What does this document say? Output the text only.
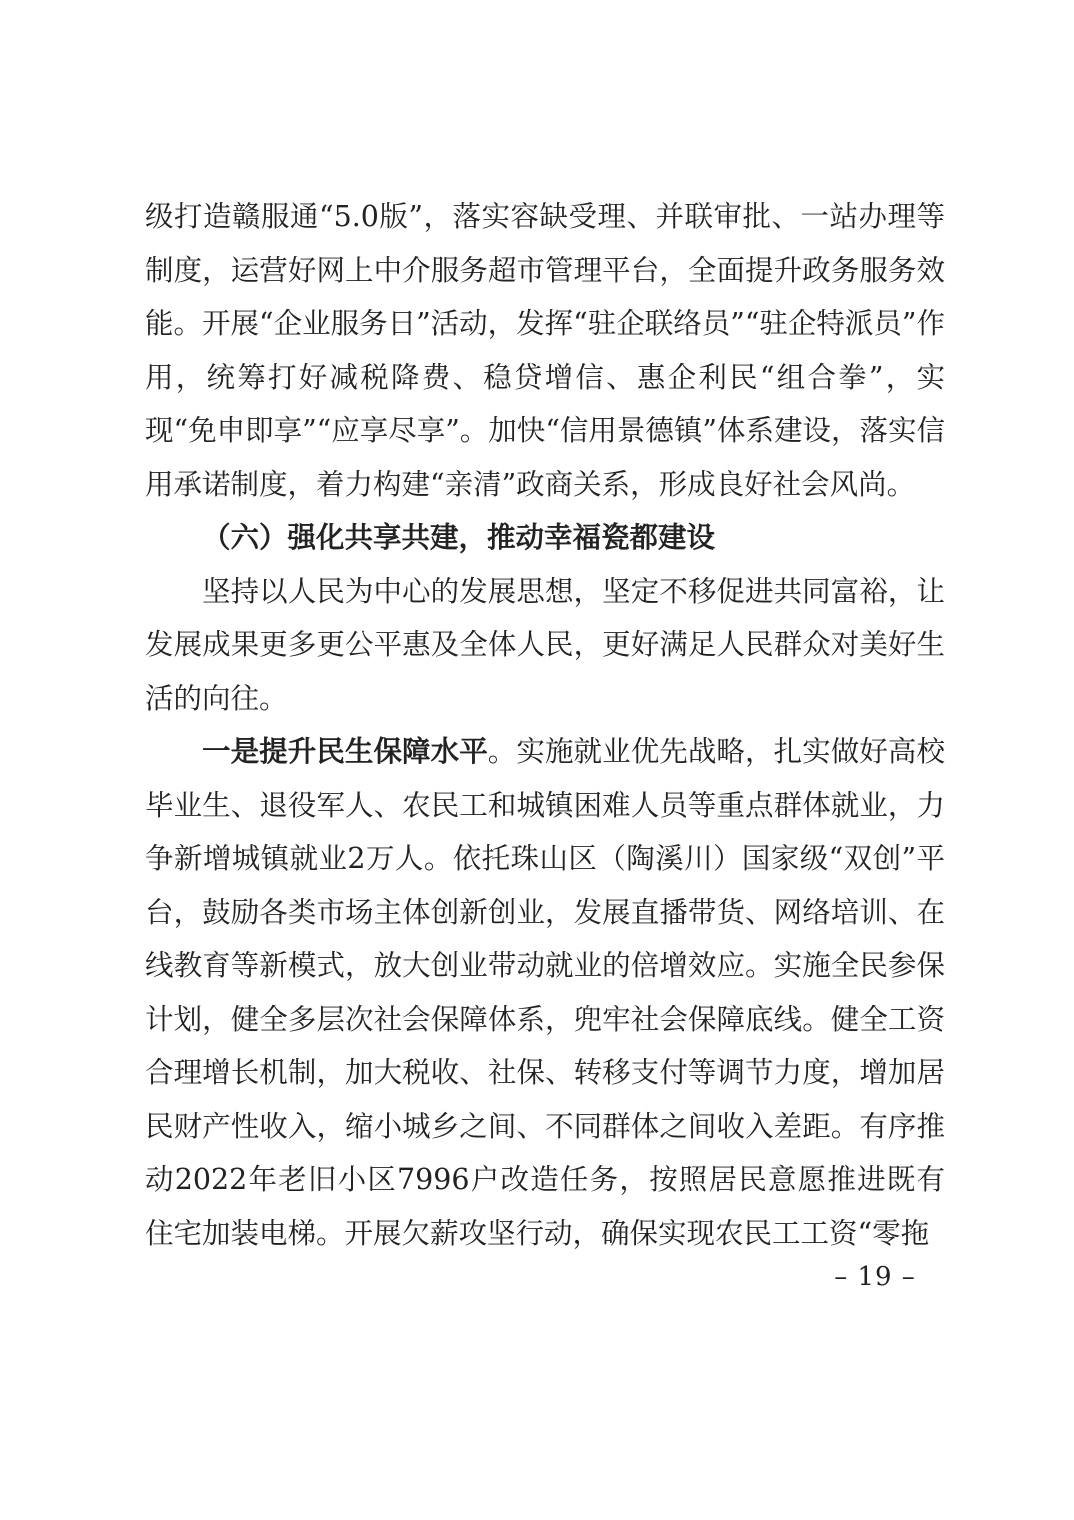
级打造赣服通“5.0版”，落实容缺受理、并联审批、一站办理等制度，运营好网上中介服务超市管理平台，全面提升政务服务效能。开展“企业服务日”活动，发挥“驻企联络员”“驻企特派员”作用，统筹打好减税降费、稳贷增信、惠企利民“组合拳”，实现“免申即享”“应享尽享”。加快“信用景德镇”体系建设，落实信用承诺制度，着力构建“亲清”政商关系，形成良好社会风尚。

（六）强化共享共建，推动幸福瓷都建设

坚持以人民为中心的发展思想，坚定不移促进共同富裕，让发展成果更多更公平惠及全体人民，更好满足人民群众对美好生活的向往。

一是提升民生保障水平。实施就业优先战略，扎实做好高校毕业生、退役军人、农民工和城镇困难人员等重点群体就业，力争新增城镇就业2万人。依托珠山区（陶溪川）国家级“双创”平台，鼓励各类市场主体创新创业，发展直播带货、网络培训、在线教育等新模式，放大创业带动就业的倍增效应。实施全民参保计划，健全多层次社会保障体系，兜牢社会保障底线。健全工资合理增长机制，加大税收、社保、转移支付等调节力度，增加居民财产性收入，缩小城乡之间、不同群体之间收入差距。有序推动2022年老旧小区7996户改造任务，按照居民意愿推进既有住宅加装电梯。开展欠薪攻坚行动，确保实现农民工工资“零拖

– 19 –
